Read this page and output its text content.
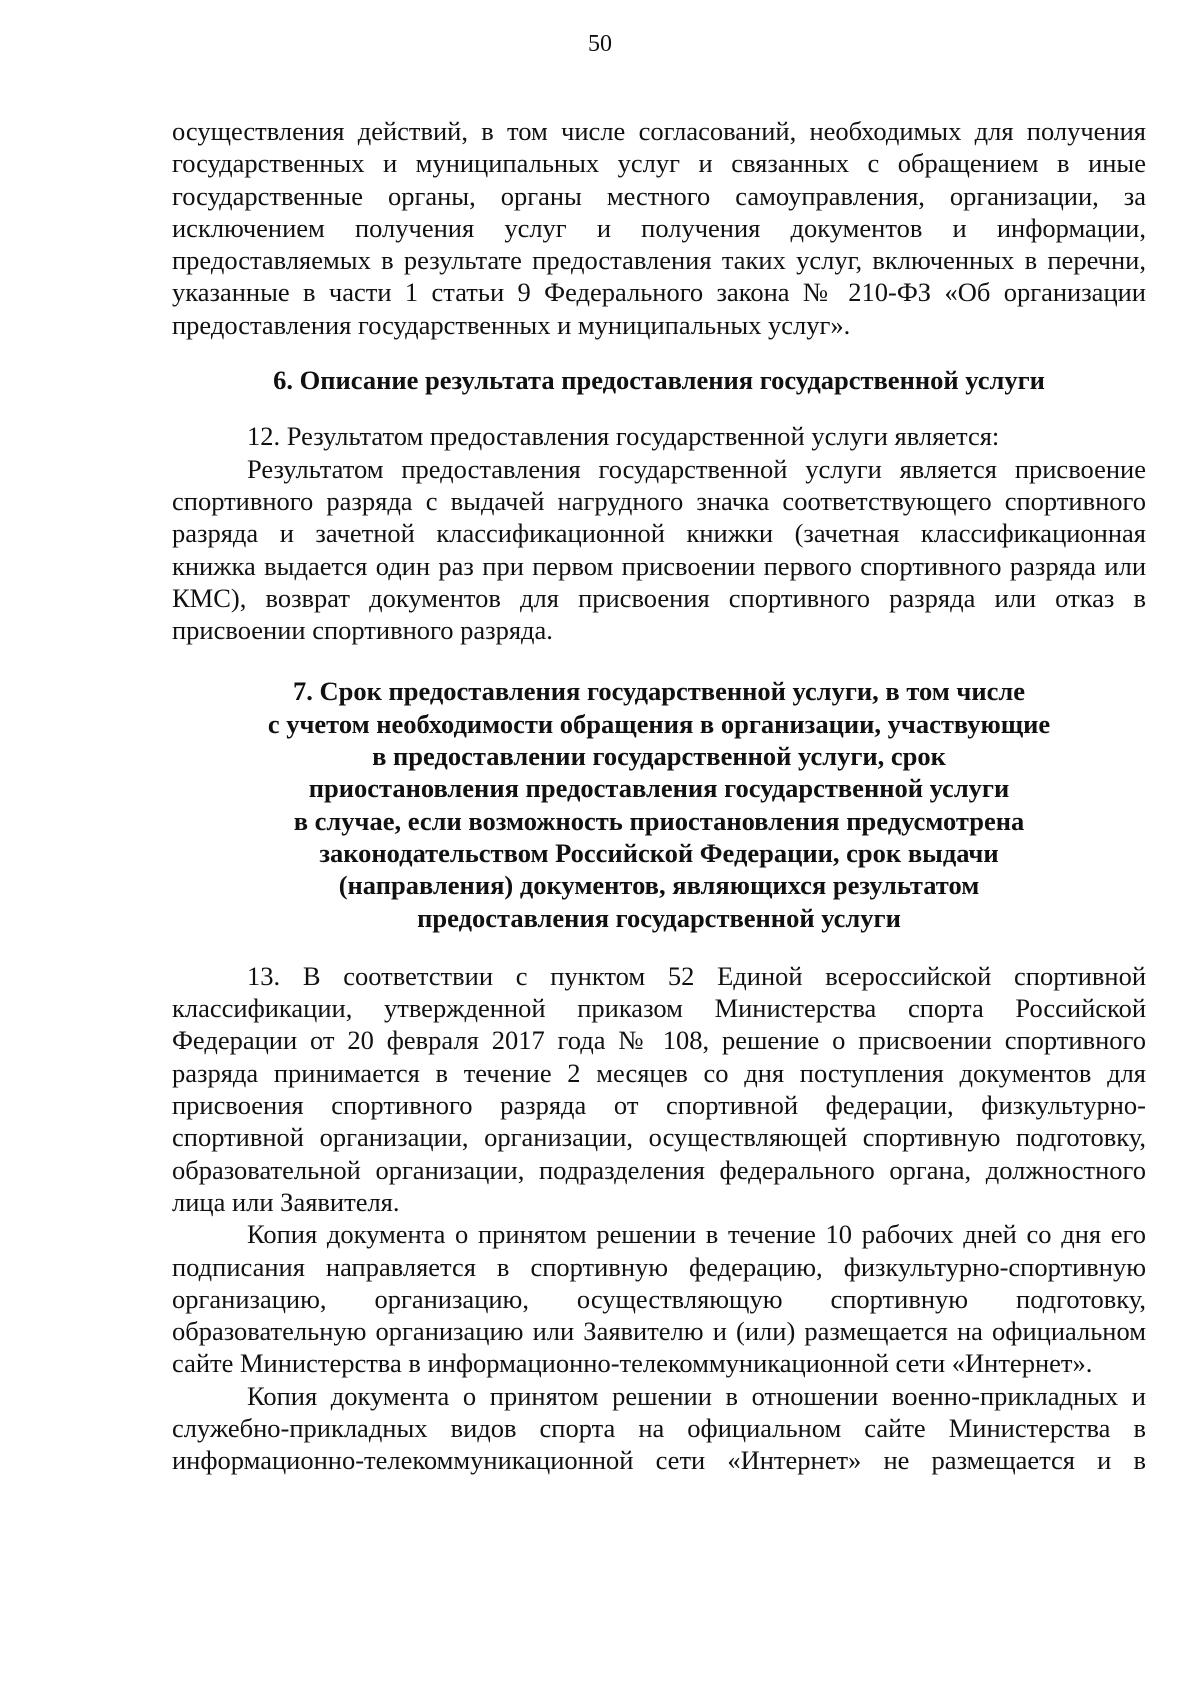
50

осуществления действий, в том числе согласований, необходимых для получения государственных и муниципальных услуг и связанных с обращением в иные государственные органы, органы местного самоуправления, организации, за исключением получения услуг и получения документов и информации, предоставляемых в результате предоставления таких услуг, включенных в перечни, указанные в части 1 статьи 9 Федерального закона № 210-ФЗ «Об организации предоставления государственных и муниципальных услуг».

6. Описание результата предоставления государственной услуги

12. Результатом предоставления государственной услуги является:

Результатом предоставления государственной услуги является присвоение спортивного разряда с выдачей нагрудного значка соответствующего спортивного разряда и зачетной классификационной книжки (зачетная классификационная книжка выдается один раз при первом присвоении первого спортивного разряда или КМС), возврат документов для присвоения спортивного разряда или отказ в присвоении спортивного разряда.

7. Срок предоставления государственной услуги, в том числе
с учетом необходимости обращения в организации, участвующие
в предоставлении государственной услуги, срок
приостановления предоставления государственной услуги
в случае, если возможность приостановления предусмотрена
законодательством Российской Федерации, срок выдачи
(направления) документов, являющихся результатом
предоставления государственной услуги

13. В соответствии с пунктом 52 Единой всероссийской спортивной классификации, утвержденной приказом Министерства спорта Российской Федерации от 20 февраля 2017 года № 108, решение о присвоении спортивного разряда принимается в течение 2 месяцев со дня поступления документов для присвоения спортивного разряда от спортивной федерации, физкультурно-спортивной организации, организации, осуществляющей спортивную подготовку, образовательной организации, подразделения федерального органа, должностного лица или Заявителя.

Копия документа о принятом решении в течение 10 рабочих дней со дня его подписания направляется в спортивную федерацию, физкультурно-спортивную организацию, организацию, осуществляющую спортивную подготовку, образовательную организацию или Заявителю и (или) размещается на официальном сайте Министерства в информационно-телекоммуникационной сети «Интернет».

Копия документа о принятом решении в отношении военно-прикладных и служебно-прикладных видов спорта на официальном сайте Министерства в информационно-телекоммуникационной сети «Интернет» не размещается и в
